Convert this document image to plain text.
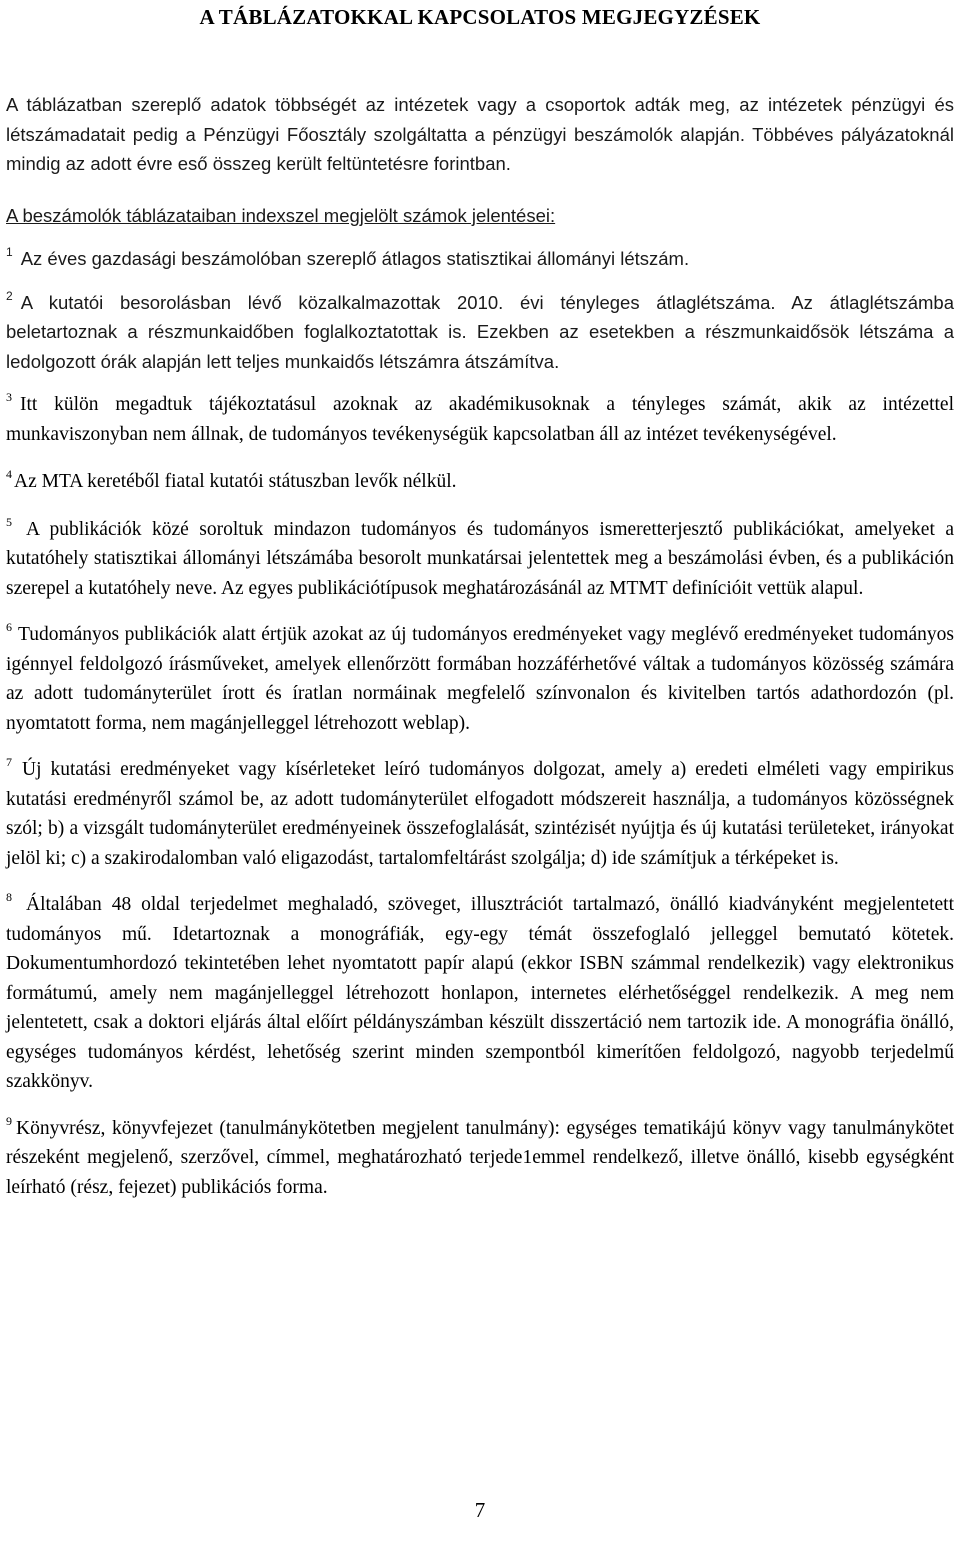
A TÁBLÁZATOKKAL KAPCSOLATOS MEGJEGYZÉSEK

A táblázatban szereplő adatok többségét az intézetek vagy a csoportok adták meg, az intézetek pénzügyi és létszámadatait pedig a Pénzügyi Főosztály szolgáltatta a pénzügyi beszámolók alapján. Többéves pályázatoknál mindig az adott évre eső összeg került feltüntetésre forintban.

A beszámolók táblázataiban indexszel megjelölt számok jelentései:

$^1$ Az éves gazdasági beszámolóban szereplő átlagos statisztikai állományi létszám.

$^2$ A kutatói besorolásban lévő közalkalmazottak 2010. évi tényleges átlaglétszáma. Az átlaglétszámba beletartoznak a részmunkaidőben foglalkoztatottak is. Ezekben az esetekben a részmunkaidősök létszáma a ledolgozott órák alapján lett teljes munkaidős létszámra átszámítva.

$^3$ Itt külön megadtuk tájékoztatásul azoknak az akadémikusoknak a tényleges számát, akik az intézettel munkaviszonyban nem állnak, de tudományos tevékenységük kapcsolatban áll az intézet tevékenységével.

$^4$ Az MTA keretéből fiatal kutatói státuszban levők nélkül.

$^5$ A publikációk közé soroltuk mindazon tudományos és tudományos ismeretterjesztő publikációkat, amelyeket a kutatóhely statisztikai állományi létszámába besorolt munkatársai jelentettek meg a beszámolási évben, és a publikáción szerepel a kutatóhely neve. Az egyes publikációtípusok meghatározásánál az MTMT definícióit vettük alapul.

$^6$ Tudományos publikációk alatt értjük azokat az új tudományos eredményeket vagy meglévő eredményeket tudományos igénnyel feldolgozó írásműveket, amelyek ellenőrzött formában hozzáférhetővé váltak a tudományos közösség számára az adott tudományterület írott és íratlan normáinak megfelelő színvonalon és kivitelben tartós adathordozón (pl. nyomtatott forma, nem magánjelleggel létrehozott weblap).

$^7$ Új kutatási eredményeket vagy kísérleteket leíró tudományos dolgozat, amely a) eredeti elméleti vagy empirikus kutatási eredményről számol be, az adott tudományterület elfogadott módszereit használja, a tudományos közösségnek szól; b) a vizsgált tudományterület eredményeinek összefoglalását, szintézisét nyújtja és új kutatási területeket, irányokat jelöl ki; c) a szakirodalomban való eligazodást, tartalomfeltárást szolgálja; d) ide számítjuk a térképeket is.

$^8$ Általában 48 oldal terjedelmet meghaladó, szöveget, illusztrációt tartalmazó, önálló kiadványként megjelentetett tudományos mű. Idetartoznak a monográfiák, egy-egy témát összefoglaló jelleggel bemutató kötetek. Dokumentumhordozó tekintetében lehet nyomtatott papír alapú (ekkor ISBN számmal rendelkezik) vagy elektronikus formátumú, amely nem magánjelleggel létrehozott honlapon, internetes elérhetőséggel rendelkezik. A meg nem jelentetett, csak a doktori eljárás által előírt példányszámban készült disszertáció nem tartozik ide. A monográfia önálló, egységes tudományos kérdést, lehetőség szerint minden szempontból kimerítően feldolgozó, nagyobb terjedelmű szakkönyv.

$^9$ Könyvrész, könyvfejezet (tanulmánykötetben megjelent tanulmány): egységes tematikájú könyv vagy tanulmánykötet részeként megjelenő, szerzővel, címmel, meghatározható terjede1emmel rendelkező, illetve önálló, kisebb egységként leírható (rész, fejezet) publikációs forma.

7
